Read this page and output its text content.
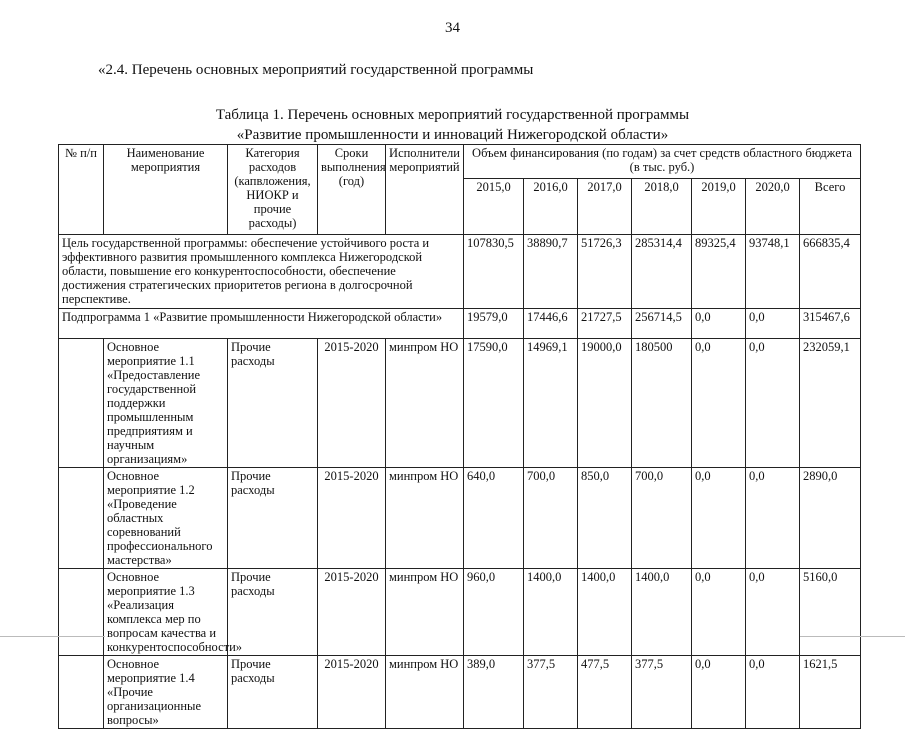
34
«2.4. Перечень основных мероприятий государственной программы
Таблица 1. Перечень основных мероприятий государственной программы
«Развитие промышленности и инноваций Нижегородской области»
№ п/п	Наименование мероприятия	Категория расходов (капвложения, НИОКР и прочие расходы)	Сроки выполнения (год)	Исполнители мероприятий	Объем финансирования (по годам) за счет средств областного бюджета (в тыс. руб.)						
					2015,0	2016,0	2017,0	2018,0	2019,0	2020,0	Всего
Цель государственной программы: обеспечение устойчивого роста и эффективного развития промышленного комплекса Нижегородской области, повышение его конкурентоспособности, обеспечение достижения стратегических приоритетов региона в долгосрочной перспективе.					107830,5	38890,7	51726,3	285314,4	89325,4	93748,1	666835,4
Подпрограмма 1 «Развитие промышленности Нижегородской области»					19579,0	17446,6	21727,5	256714,5	0,0	0,0	315467,6
	Основное мероприятие 1.1 «Предоставление государственной поддержки промышленным предприятиям и научным организациям»	Прочие расходы	2015-2020	минпром НО	17590,0	14969,1	19000,0	180500	0,0	0,0	232059,1
	Основное мероприятие 1.2 «Проведение областных соревнований профессионального мастерства»	Прочие расходы	2015-2020	минпром НО	640,0	700,0	850,0	700,0	0,0	0,0	2890,0
	Основное мероприятие 1.3 «Реализация комплекса мер по вопросам качества и конкурентоспособности»	Прочие расходы	2015-2020	минпром НО	960,0	1400,0	1400,0	1400,0	0,0	0,0	5160,0
	Основное мероприятие 1.4 «Прочие организационные вопросы»	Прочие расходы	2015-2020	минпром НО	389,0	377,5	477,5	377,5	0,0	0,0	1621,5
